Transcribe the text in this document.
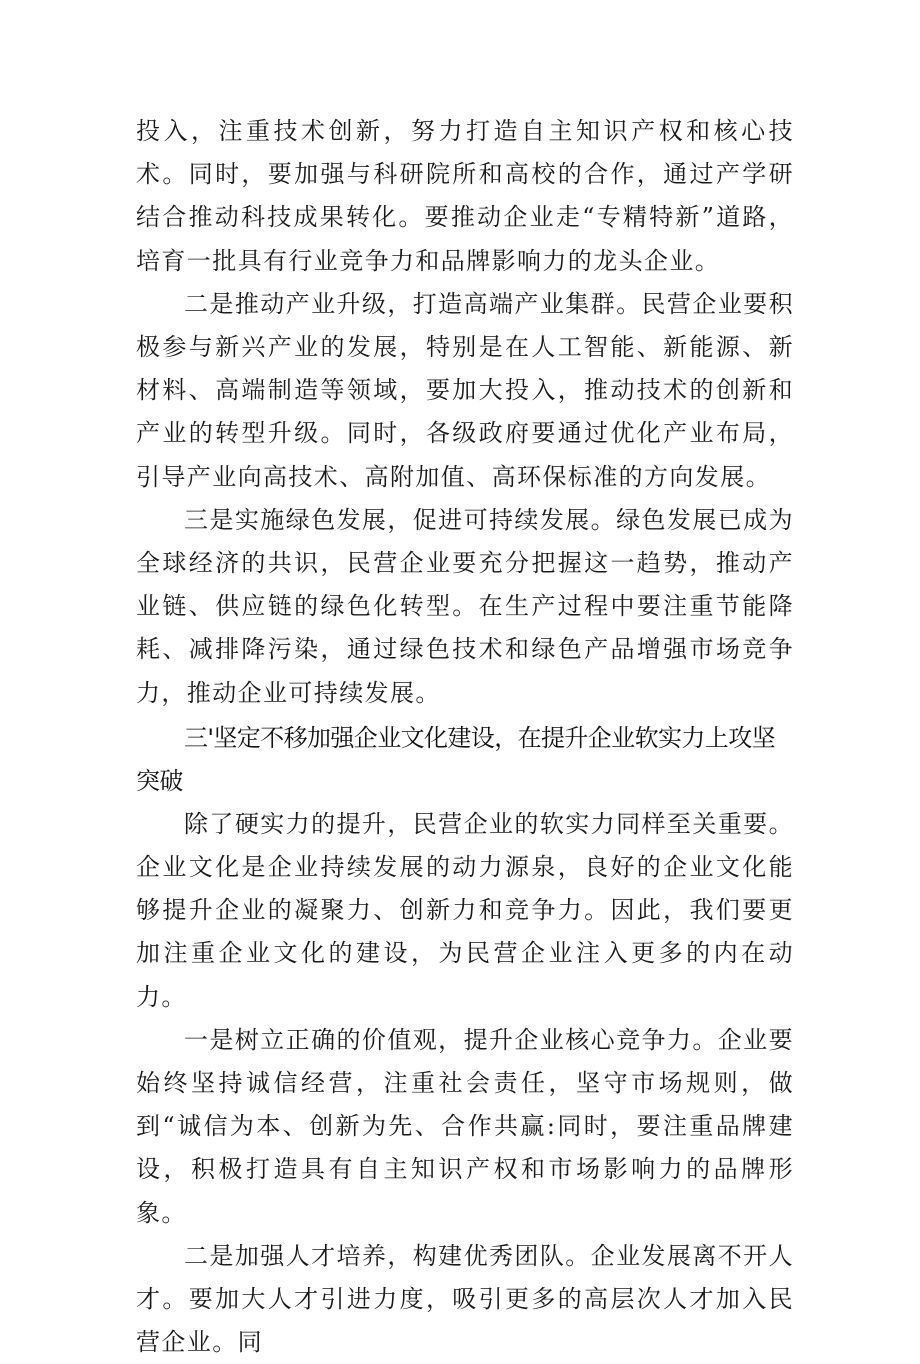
投入，注重技术创新，努力打造自主知识产权和核心技术。同时，要加强与科研院所和高校的合作，通过产学研结合推动科技成果转化。要推动企业走“专精特新”道路，培育一批具有行业竞争力和品牌影响力的龙头企业。

二是推动产业升级，打造高端产业集群。民营企业要积极参与新兴产业的发展，特别是在人工智能、新能源、新材料、高端制造等领域，要加大投入，推动技术的创新和产业的转型升级。同时，各级政府要通过优化产业布局，引导产业向高技术、高附加值、高环保标准的方向发展。

三是实施绿色发展，促进可持续发展。绿色发展已成为全球经济的共识，民营企业要充分把握这一趋势，推动产业链、供应链的绿色化转型。在生产过程中要注重节能降耗、减排降污染，通过绿色技术和绿色产品增强市场竞争力，推动企业可持续发展。

三'坚定不移加强企业文化建设，在提升企业软实力上攻坚突破

除了硬实力的提升，民营企业的软实力同样至关重要。企业文化是企业持续发展的动力源泉，良好的企业文化能够提升企业的凝聚力、创新力和竞争力。因此，我们要更加注重企业文化的建设，为民营企业注入更多的内在动力。

一是树立正确的价值观，提升企业核心竞争力。企业要始终坚持诚信经营，注重社会责任，坚守市场规则，做到“诚信为本、创新为先、合作共赢:同时，要注重品牌建设，积极打造具有自主知识产权和市场影响力的品牌形象。

二是加强人才培养，构建优秀团队。企业发展离不开人才。要加大人才引进力度，吸引更多的高层次人才加入民营企业。同
